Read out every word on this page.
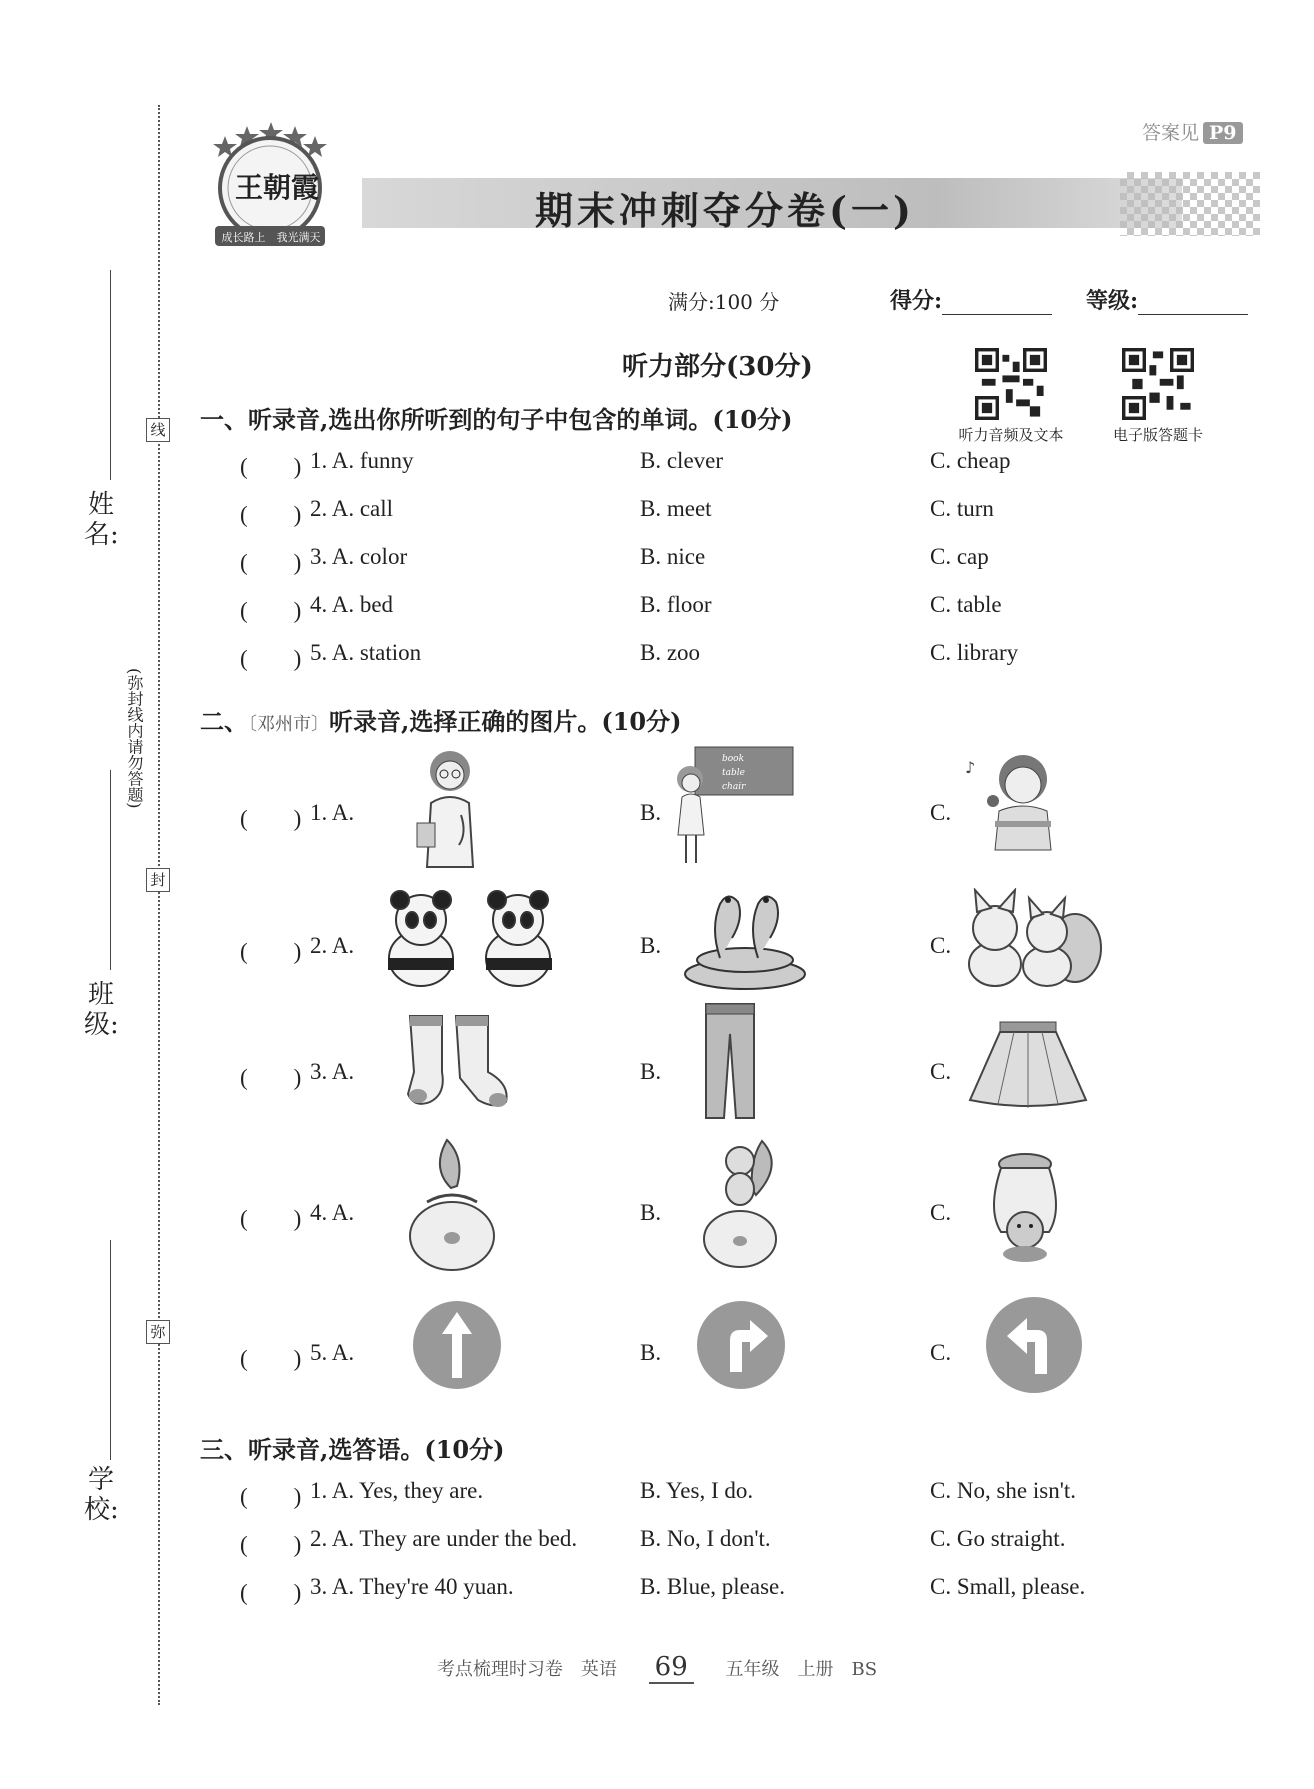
姓名:
班级:
学校:
线
封
弥
(弥封线内请勿答题)
答案见 P9
王朝霞
成长路上　我光满天
期末冲刺夺分卷(一)
满分:100 分	得分:	等级:
听力部分(30分)
听力音频及文本	电子版答题卡
一、听录音,选出你所听到的句子中包含的单词。(10分)
(　　) 1. A. funny	B. clever	C. cheap
(　　) 2. A. call	B. meet	C. turn
(　　) 3. A. color	B. nice	C. cap
(　　) 4. A. bed	B. floor	C. table
(　　) 5. A. station	B. zoo	C. library
二、〔邓州市〕听录音,选择正确的图片。(10分)
(　　) 1. A.	B.	C.
(　　) 2. A.	B.	C.
(　　) 3. A.	B.	C.
(　　) 4. A.	B.	C.
(　　) 5. A.	B.	C.
book
table
chair
♪
三、听录音,选答语。(10分)
(　　) 1. A. Yes, they are.	B. Yes, I do.	C. No, she isn't.
(　　) 2. A. They are under the bed.	B. No, I don't.	C. Go straight.
(　　) 3. A. They're 40 yuan.	B. Blue, please.	C. Small, please.
考点梳理时习卷　英语 69 五年级　上册　BS
